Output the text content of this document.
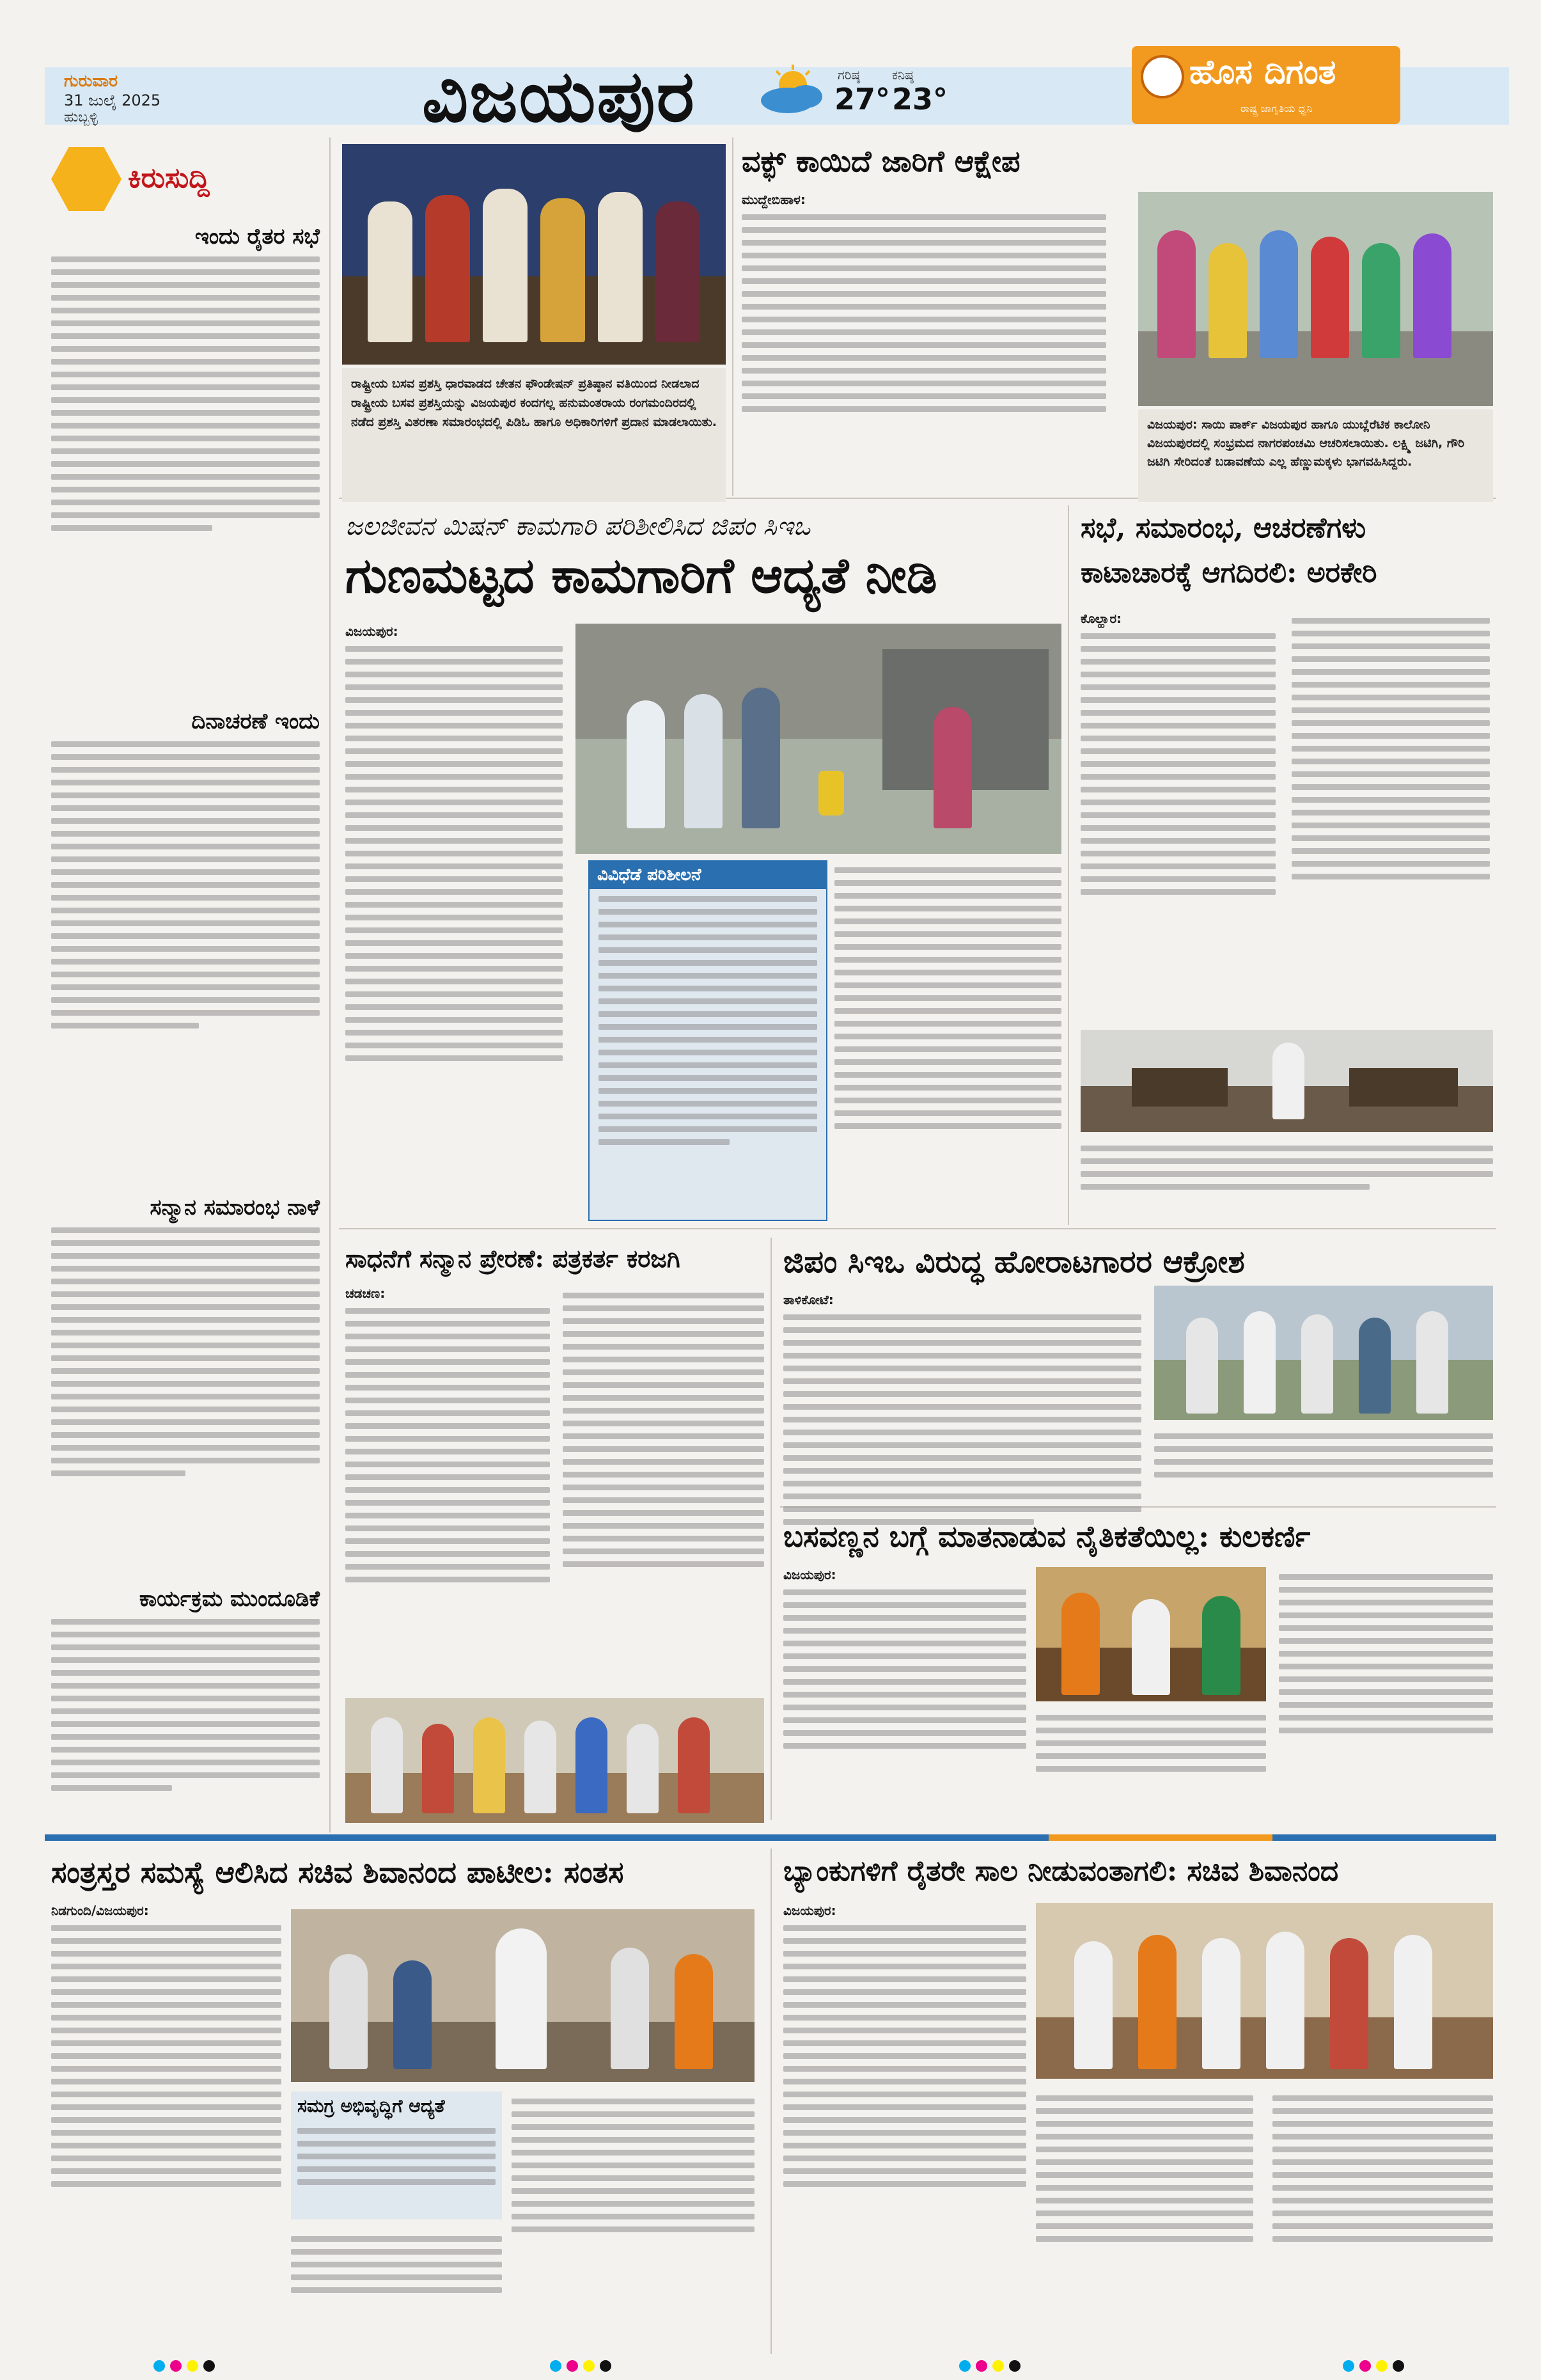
ಗುರುವಾರ
31 ಜುಲೈ 2025
ಹುಬ್ಬಳ್ಳಿ	ವಿಜಯಪುರ	ಗರಿಷ್ಠ
27°
ಕನಿಷ್ಠ
23°
ಹೊಸ ದಿಗಂತ
ರಾಷ್ಟ್ರ ಜಾಗೃತಿಯ ಧ್ವನಿ
ಕಿರುಸುದ್ದಿ
ಇಂದು ರೈತರ ಸಭೆ
ದಿನಾಚರಣೆ ಇಂದು
ಸನ್ಮಾನ ಸಮಾರಂಭ ನಾಳೆ
ಕಾರ್ಯಕ್ರಮ ಮುಂದೂಡಿಕೆ
ರಾಷ್ಟ್ರೀಯ ಬಸವ ಪ್ರಶಸ್ತಿ ಧಾರವಾಡದ ಚೇತನ ಫೌಂಡೇಷನ್ ಪ್ರತಿಷ್ಠಾನ ವತಿಯಿಂದ ನೀಡಲಾದ ರಾಷ್ಟ್ರೀಯ ಬಸವ ಪ್ರಶಸ್ತಿಯನ್ನು ವಿಜಯಪುರ ಕಂದಗಲ್ಲ ಹನುಮಂತರಾಯ ರಂಗಮಂದಿರದಲ್ಲಿ ನಡೆದ ಪ್ರಶಸ್ತಿ ವಿತರಣಾ ಸಮಾರಂಭದಲ್ಲಿ ಪಿಡಿಓ ಹಾಗೂ ಅಧಿಕಾರಿಗಳಿಗೆ ಪ್ರದಾನ ಮಾಡಲಾಯಿತು.
ವಕ್ಫ್ ಕಾಯಿದೆ ಜಾರಿಗೆ ಆಕ್ಷೇಪ
ಮುದ್ದೇಬಿಹಾಳ:
ವಿಜಯಪುರ: ಸಾಯಿ ಪಾರ್ಕ್ ವಿಜಯಪುರ ಹಾಗೂ ಯುಬ್ಲೆರೆಟಿಕ ಕಾಲೋನಿ ವಿಜಯಪುರದಲ್ಲಿ ಸಂಭ್ರಮದ ನಾಗರಪಂಚಮಿ ಆಚರಿಸಲಾಯಿತು. ಲಕ್ಷ್ಮಿ ಜಟಿಗಿ, ಗೌರಿ ಜಟಿಗಿ ಸೇರಿದಂತೆ ಬಡಾವಣೆಯ ಎಲ್ಲ ಹೆಣ್ಣುಮಕ್ಕಳು ಭಾಗವಹಿಸಿದ್ದರು.
ಜಲಜೀವನ ಮಿಷನ್ ಕಾಮಗಾರಿ ಪರಿಶೀಲಿಸಿದ ಜಿಪಂ ಸಿಇಒ
ಗುಣಮಟ್ಟದ ಕಾಮಗಾರಿಗೆ ಆದ್ಯತೆ ನೀಡಿ
ವಿಜಯಪುರ:
ವಿವಿಧೆಡೆ ಪರಿಶೀಲನೆ
ಸಭೆ, ಸಮಾರಂಭ, ಆಚರಣೆಗಳು
ಕಾಟಾಚಾರಕ್ಕೆ ಆಗದಿರಲಿ: ಅರಕೇರಿ
ಕೊಲ್ಹಾರ:
ಸಾಧನೆಗೆ ಸನ್ಮಾನ ಪ್ರೇರಣೆ: ಪತ್ರಕರ್ತ ಕರಜಗಿ
ಚಡಚಣ:
ಜಿಪಂ ಸಿಇಒ ವಿರುದ್ಧ ಹೋರಾಟಗಾರರ ಆಕ್ರೋಶ
ತಾಳಿಕೋಟೆ:
ಬಸವಣ್ಣನ ಬಗ್ಗೆ ಮಾತನಾಡುವ ನೈತಿಕತೆಯಿಲ್ಲ: ಕುಲಕರ್ಣಿ
ವಿಜಯಪುರ:
ಸಂತ್ರಸ್ತರ ಸಮಸ್ಯೆ ಆಲಿಸಿದ ಸಚಿವ ಶಿವಾನಂದ ಪಾಟೀಲ: ಸಂತಸ
ನಿಡಗುಂದಿ/ವಿಜಯಪುರ:
ಸಮಗ್ರ ಅಭಿವೃದ್ಧಿಗೆ ಆದ್ಯತೆ
ಬ್ಯಾಂಕುಗಳಿಗೆ ರೈತರೇ ಸಾಲ ನೀಡುವಂತಾಗಲಿ: ಸಚಿವ ಶಿವಾನಂದ
ವಿಜಯಪುರ:
